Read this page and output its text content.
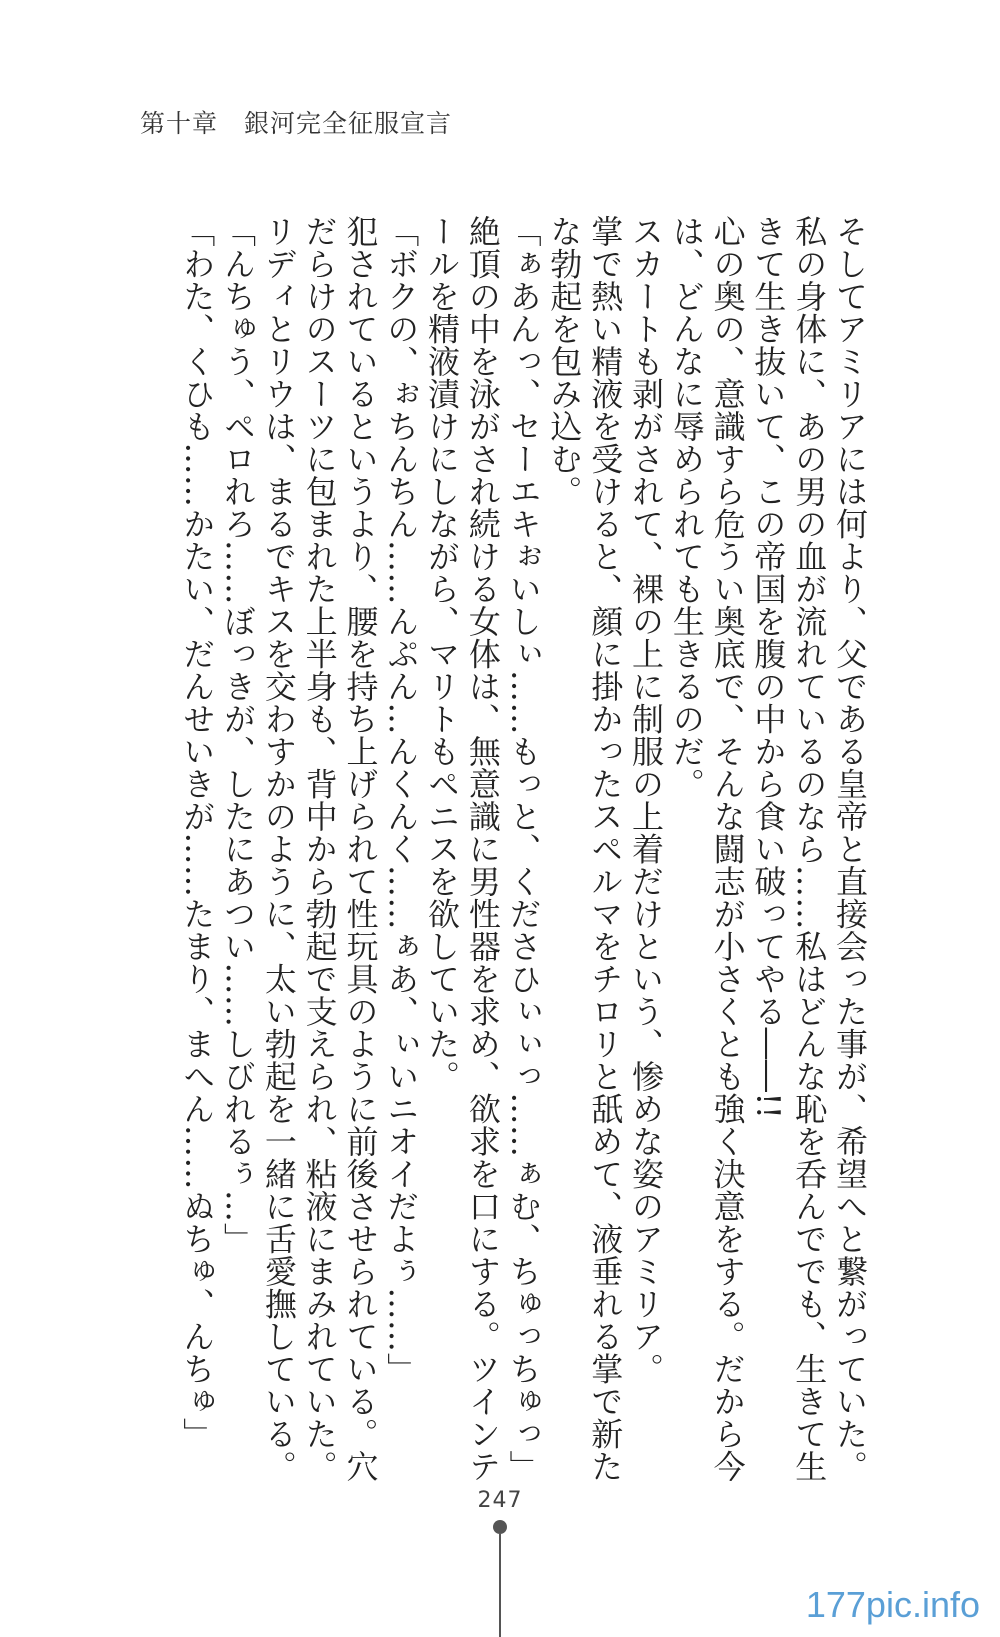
第十章 銀河完全征服宣言
そしてアミリアには何より、父である皇帝と直接会った事が、希望へと繋がっていた。
私の身体に、あの男の血が流れているのなら……私はどんな恥を呑んででも、生きて生
きて生き抜いて、この帝国を腹の中から食い破ってやる――!!
心の奥の、意識すら危うい奥底で、そんな闘志が小さくとも強く決意をする。だから今
は、どんなに辱められても生きるのだ。
スカートも剥がされて、裸の上に制服の上着だけという、惨めな姿のアミリア。
掌で熱い精液を受けると、顔に掛かったスペルマをチロリと舐めて、液垂れる掌で新た
な勃起を包み込む。
「ぁあんっ、セーエキぉいしぃ……もっと、くださひぃぃっ……ぁむ、ちゅっちゅっ」
絶頂の中を泳がされ続ける女体は、無意識に男性器を求め、欲求を口にする。ツインテ
ールを精液漬けにしながら、マリトもペニスを欲していた。
「ボクの、ぉちんちん……んぷん…んくんく……ぁあ、ぃいニオイだよぅ……」
犯されているというより、腰を持ち上げられて性玩具のように前後させられている。穴
だらけのスーツに包まれた上半身も、背中から勃起で支えられ、粘液にまみれていた。
リディとリウは、まるでキスを交わすかのように、太い勃起を一緒に舌愛撫している。
「んちゅう、ペロれろ……ぼっきが、したにあつい……しびれるぅ…」
「わた、くひも……かたい、だんせいきが……たまり、まへん……ぬちゅ、んちゅ」
247
177pic.info
